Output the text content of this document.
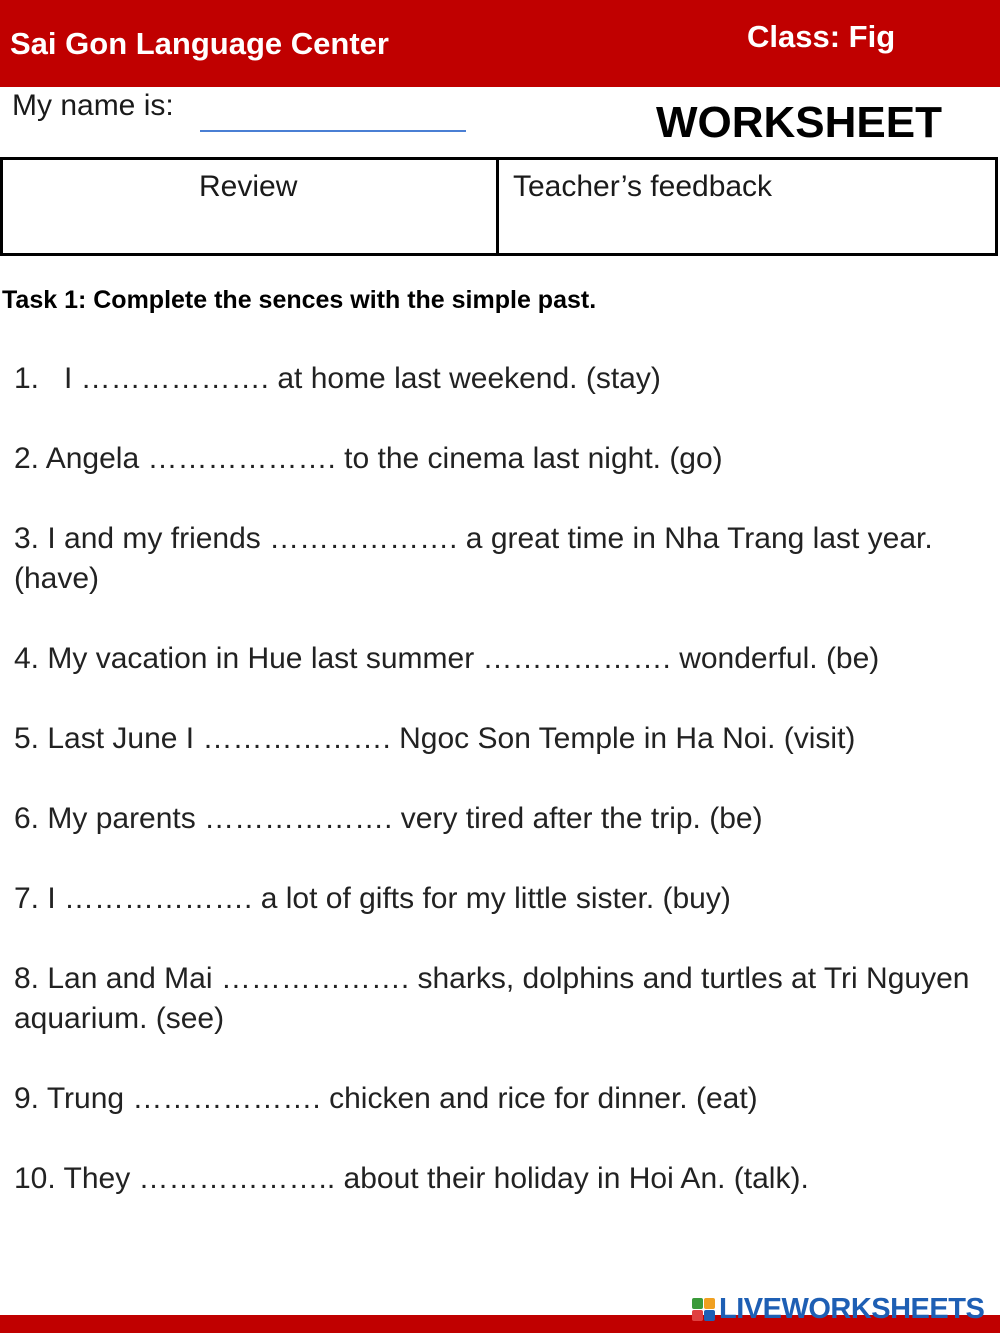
Sai Gon Language Center	Class: Fig
My name is:	WORKSHEET
Review	Teacher’s feedback
Task 1: Complete the sences with the simple past.
1. I ………………. at home last weekend. (stay)
2. Angela ………………. to the cinema last night. (go)
3. I and my friends ………………. a great time in Nha Trang last year. (have)
4. My vacation in Hue last summer ………………. wonderful. (be)
5. Last June I ………………. Ngoc Son Temple in Ha Noi. (visit)
6. My parents ………………. very tired after the trip. (be)
7. I ………………. a lot of gifts for my little sister. (buy)
8. Lan and Mai ………………. sharks, dolphins and turtles at Tri Nguyen aquarium. (see)
9. Trung ………………. chicken and rice for dinner. (eat)
10. They ……………….. about their holiday in Hoi An. (talk).
LIVEWORKSHEETS
